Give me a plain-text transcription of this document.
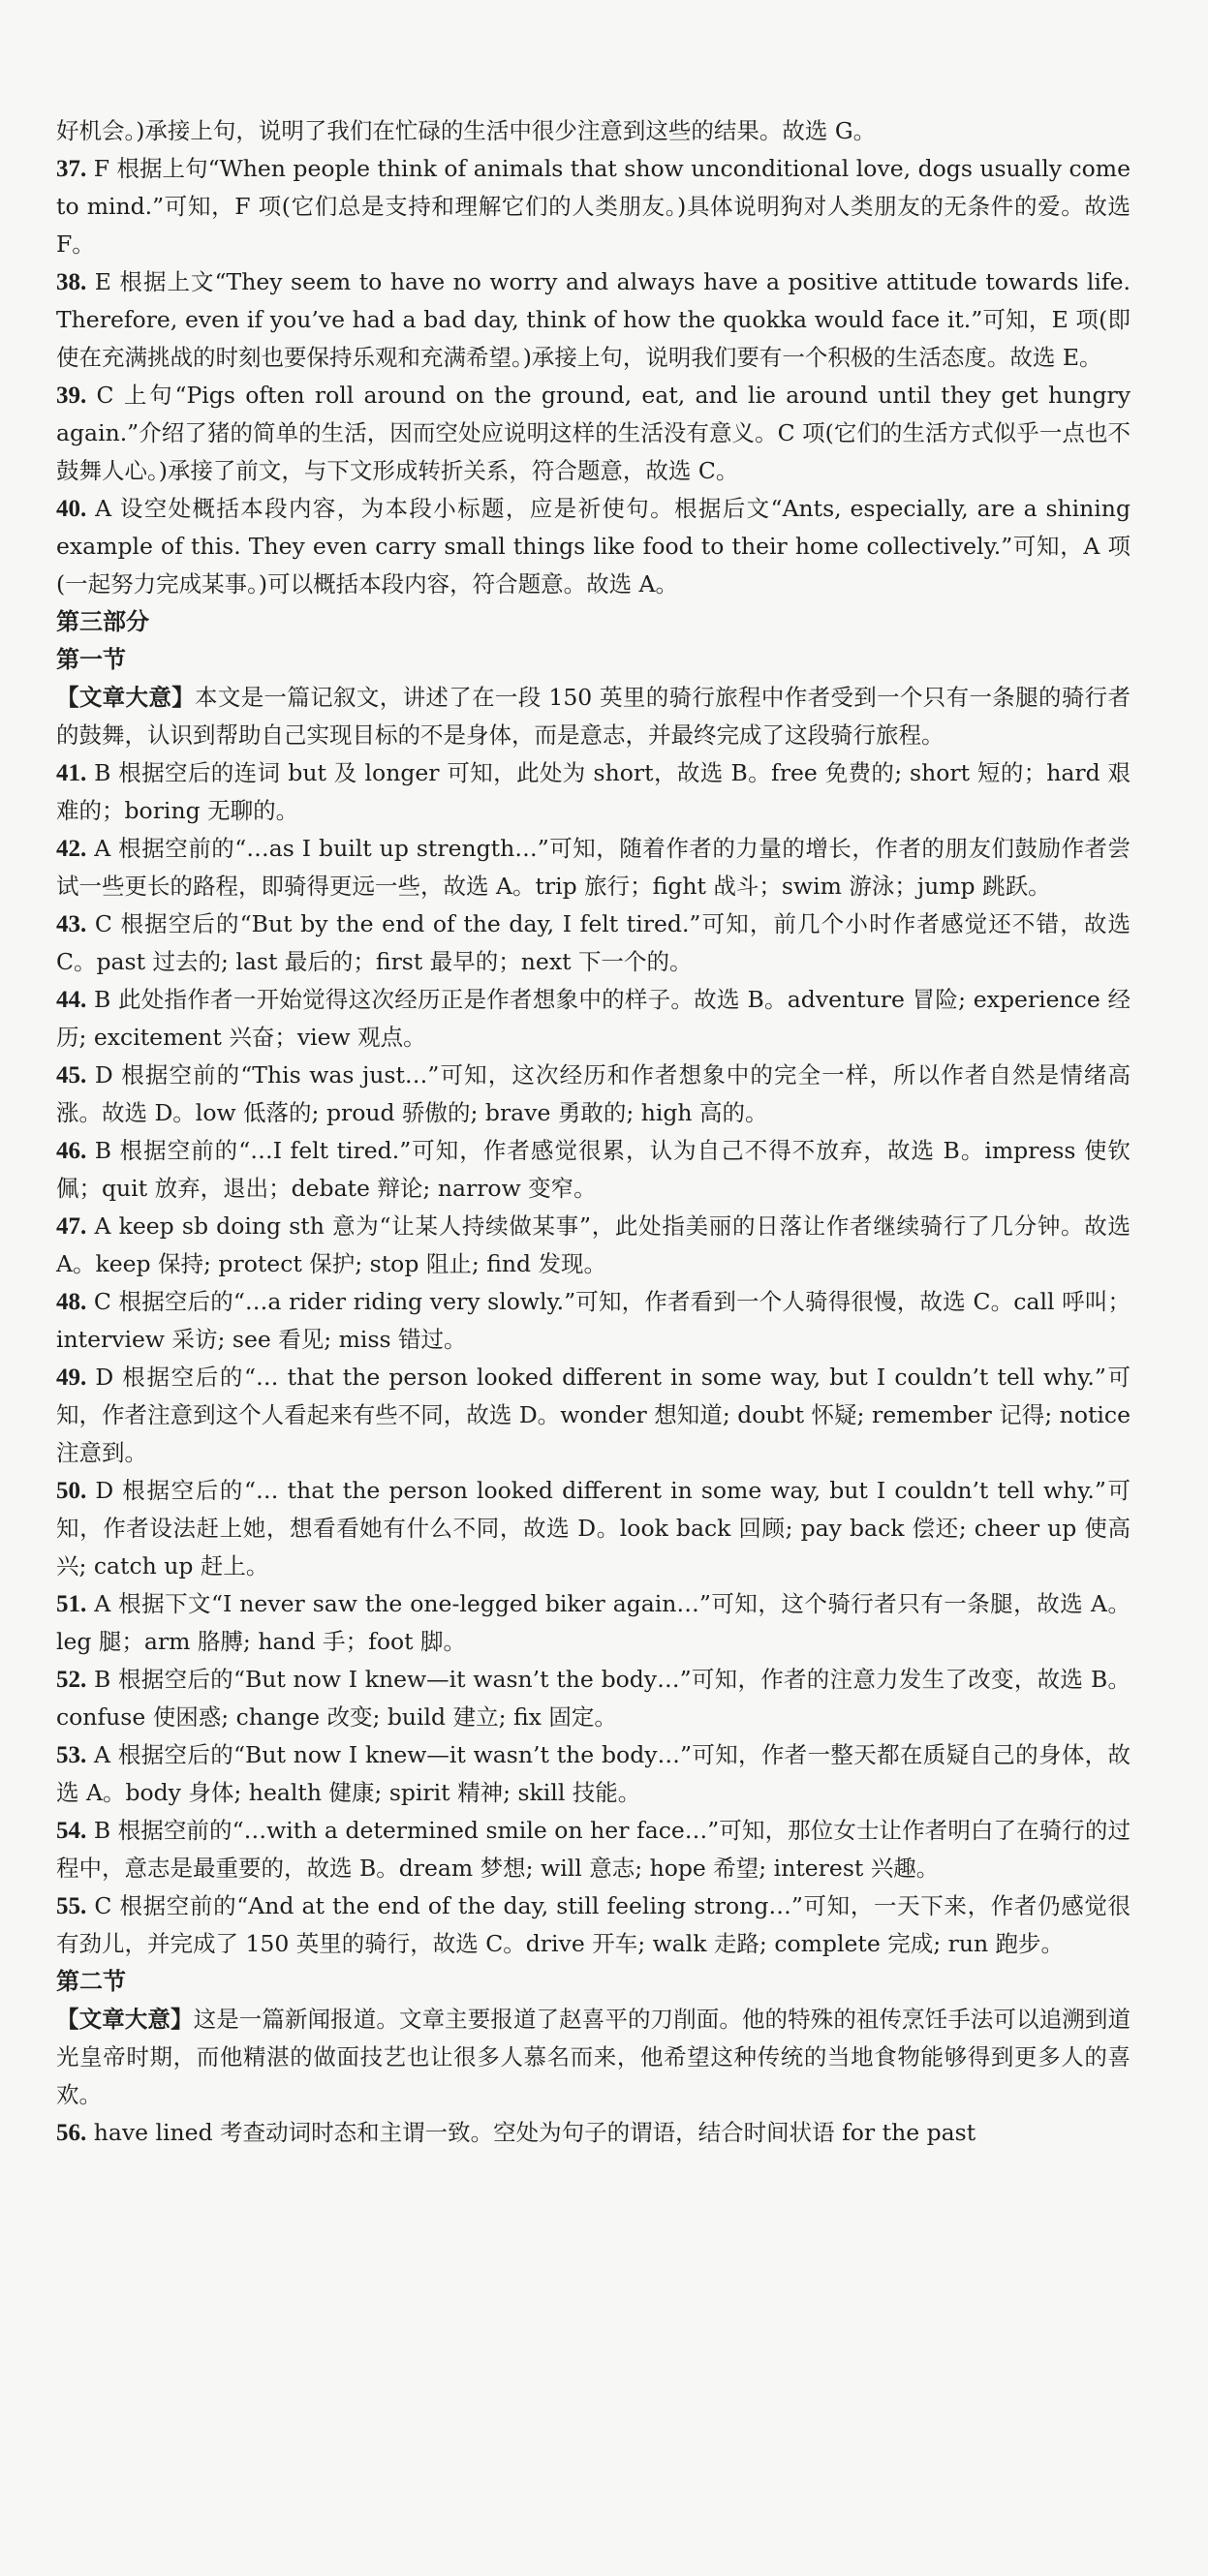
好机会。)承接上句，说明了我们在忙碌的生活中很少注意到这些的结果。故选 G。

37. F 根据上句“When people think of animals that show unconditional love, dogs usually come to mind.”可知，F 项(它们总是支持和理解它们的人类朋友。)具体说明狗对人类朋友的无条件的爱。故选 F。

38. E 根据上文“They seem to have no worry and always have a positive attitude towards life. Therefore, even if you’ve had a bad day, think of how the quokka would face it.”可知，E 项(即使在充满挑战的时刻也要保持乐观和充满希望。)承接上句，说明我们要有一个积极的生活态度。故选 E。

39. C 上句“Pigs often roll around on the ground, eat, and lie around until they get hungry again.”介绍了猪的简单的生活，因而空处应说明这样的生活没有意义。C 项(它们的生活方式似乎一点也不鼓舞人心。)承接了前文，与下文形成转折关系，符合题意，故选 C。

40. A 设空处概括本段内容，为本段小标题，应是祈使句。根据后文“Ants, especially, are a shining example of this. They even carry small things like food to their home collectively.”可知，A 项(一起努力完成某事。)可以概括本段内容，符合题意。故选 A。

第三部分

第一节

【文章大意】本文是一篇记叙文，讲述了在一段 150 英里的骑行旅程中作者受到一个只有一条腿的骑行者的鼓舞，认识到帮助自己实现目标的不是身体，而是意志，并最终完成了这段骑行旅程。

41. B 根据空后的连词 but 及 longer 可知，此处为 short，故选 B。free 免费的; short 短的；hard 艰难的；boring 无聊的。

42. A 根据空前的“…as I built up strength…”可知，随着作者的力量的增长，作者的朋友们鼓励作者尝试一些更长的路程，即骑得更远一些，故选 A。trip 旅行；fight 战斗；swim 游泳；jump 跳跃。

43. C 根据空后的“But by the end of the day, I felt tired.”可知，前几个小时作者感觉还不错，故选 C。past 过去的; last 最后的；first 最早的；next 下一个的。

44. B 此处指作者一开始觉得这次经历正是作者想象中的样子。故选 B。adventure 冒险; experience 经历; excitement 兴奋；view 观点。

45. D 根据空前的“This was just…”可知，这次经历和作者想象中的完全一样，所以作者自然是情绪高涨。故选 D。low 低落的; proud 骄傲的; brave 勇敢的; high 高的。

46. B 根据空前的“…I felt tired.”可知，作者感觉很累，认为自己不得不放弃，故选 B。impress 使钦佩；quit 放弃，退出；debate 辩论; narrow 变窄。

47. A keep sb doing sth 意为“让某人持续做某事”，此处指美丽的日落让作者继续骑行了几分钟。故选 A。keep 保持; protect 保护; stop 阻止; find 发现。

48. C 根据空后的“…a rider riding very slowly.”可知，作者看到一个人骑得很慢，故选 C。call 呼叫；interview 采访; see 看见; miss 错过。

49. D 根据空后的“… that the person looked different in some way, but I couldn’t tell why.”可知，作者注意到这个人看起来有些不同，故选 D。wonder 想知道; doubt 怀疑; remember 记得; notice 注意到。

50. D 根据空后的“… that the person looked different in some way, but I couldn’t tell why.”可知，作者设法赶上她，想看看她有什么不同，故选 D。look back 回顾; pay back 偿还; cheer up 使高兴; catch up 赶上。

51. A 根据下文“I never saw the one-legged biker again…”可知，这个骑行者只有一条腿，故选 A。leg 腿；arm 胳膊; hand 手；foot 脚。

52. B 根据空后的“But now I knew—it wasn’t the body…”可知，作者的注意力发生了改变，故选 B。confuse 使困惑; change 改变; build 建立; fix 固定。

53. A 根据空后的“But now I knew—it wasn’t the body…”可知，作者一整天都在质疑自己的身体，故选 A。body 身体; health 健康; spirit 精神; skill 技能。

54. B 根据空前的“…with a determined smile on her face…”可知，那位女士让作者明白了在骑行的过程中，意志是最重要的，故选 B。dream 梦想; will 意志; hope 希望; interest 兴趣。

55. C 根据空前的“And at the end of the day, still feeling strong…”可知，一天下来，作者仍感觉很有劲儿，并完成了 150 英里的骑行，故选 C。drive 开车; walk 走路; complete 完成; run 跑步。

第二节

【文章大意】这是一篇新闻报道。文章主要报道了赵喜平的刀削面。他的特殊的祖传烹饪手法可以追溯到道光皇帝时期，而他精湛的做面技艺也让很多人慕名而来，他希望这种传统的当地食物能够得到更多人的喜欢。

56. have lined 考查动词时态和主谓一致。空处为句子的谓语，结合时间状语 for the past
